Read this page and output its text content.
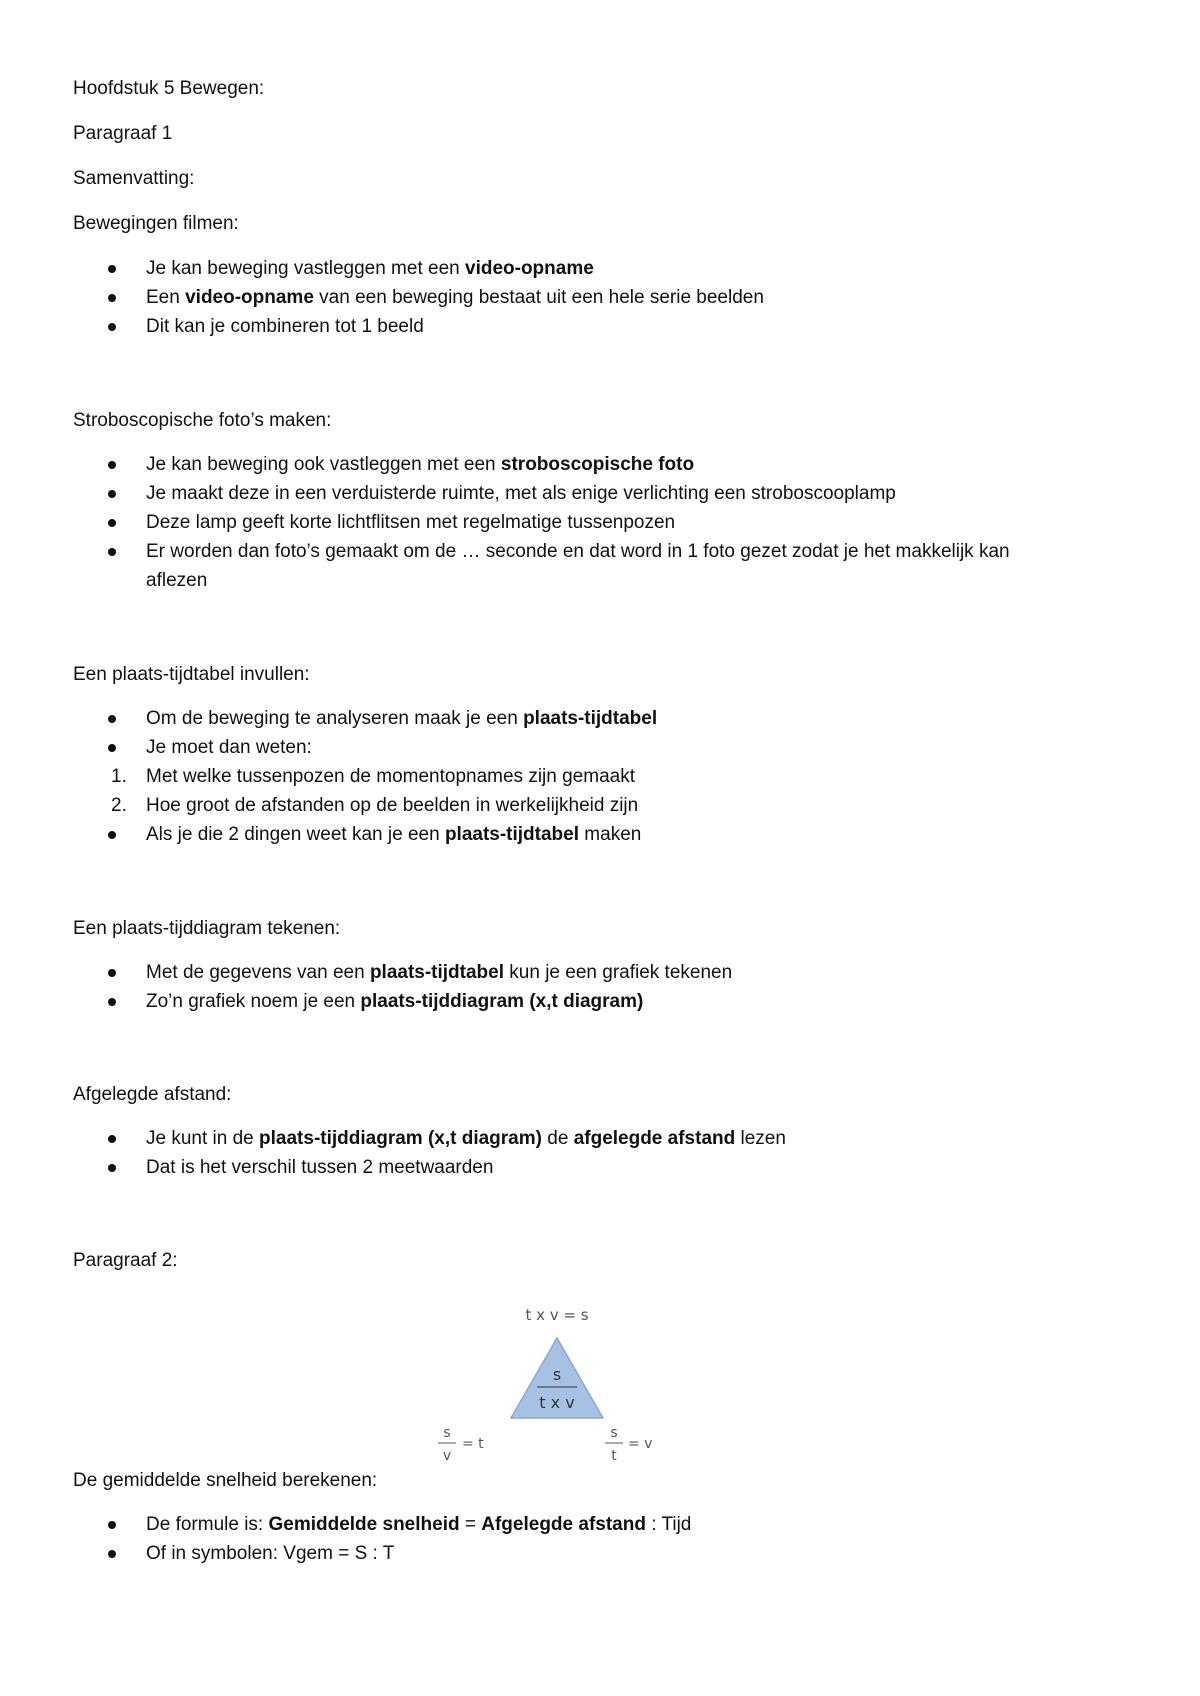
Hoofdstuk 5 Bewegen:
Paragraaf 1
Samenvatting:
Bewegingen filmen:
Je kan beweging vastleggen met een video-opname
Een video-opname van een beweging bestaat uit een hele serie beelden
Dit kan je combineren tot 1 beeld
Stroboscopische foto’s maken:
Je kan beweging ook vastleggen met een stroboscopische foto
Je maakt deze in een verduisterde ruimte, met als enige verlichting een stroboscooplamp
Deze lamp geeft korte lichtflitsen met regelmatige tussenpozen
Er worden dan foto’s gemaakt om de … seconde en dat word in 1 foto gezet zodat je het makkelijk kan
aflezen
Een plaats-tijdtabel invullen:
Om de beweging te analyseren maak je een plaats-tijdtabel
Je moet dan weten:
1. Met welke tussenpozen de momentopnames zijn gemaakt
2. Hoe groot de afstanden op de beelden in werkelijkheid zijn
Als je die 2 dingen weet kan je een plaats-tijdtabel maken
Een plaats-tijddiagram tekenen:
Met de gegevens van een plaats-tijdtabel kun je een grafiek tekenen
Zo’n grafiek noem je een plaats-tijddiagram (x,t diagram)
Afgelegde afstand:
Je kunt in de plaats-tijddiagram (x,t diagram) de afgelegde afstand lezen
Dat is het verschil tussen 2 meetwaarden
Paragraaf 2:
t x v = s
s
t x v
s
v
= t
s
t
= v
De gemiddelde snelheid berekenen:
De formule is: Gemiddelde snelheid = Afgelegde afstand : Tijd
Of in symbolen: Vgem = S : T
